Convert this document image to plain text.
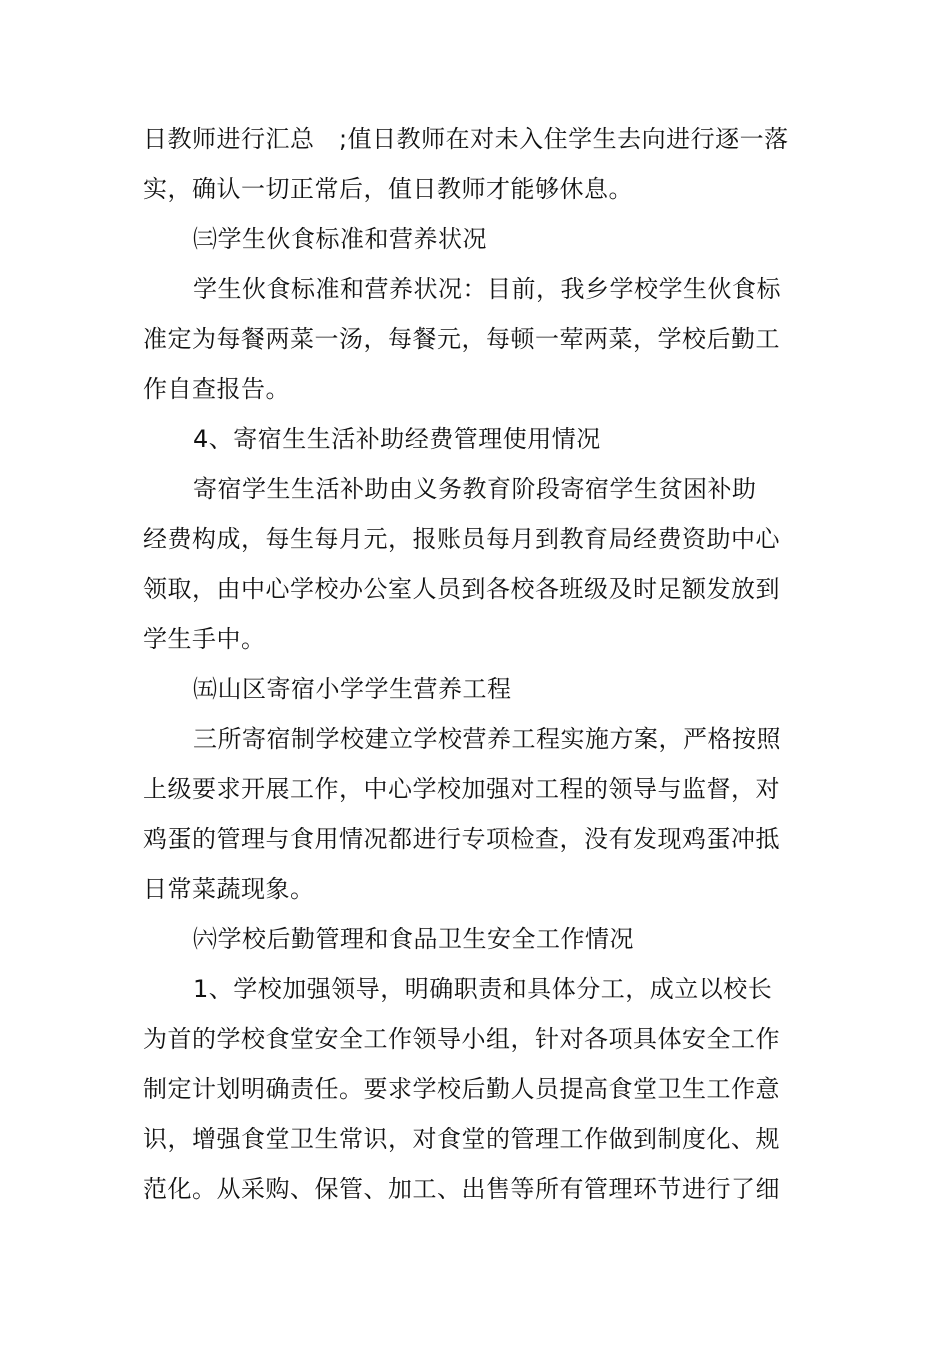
日教师进行汇总　;值日教师在对未入住学生去向进行逐一落
实，确认一切正常后，值日教师才能够休息。
㈢学生伙食标准和营养状况
学生伙食标准和营养状况：目前，我乡学校学生伙食标
准定为每餐两菜一汤，每餐元，每顿一荤两菜，学校后勤工
作自查报告。
4、寄宿生生活补助经费管理使用情况
寄宿学生生活补助由义务教育阶段寄宿学生贫困补助
经费构成，每生每月元，报账员每月到教育局经费资助中心
领取，由中心学校办公室人员到各校各班级及时足额发放到
学生手中。
㈤山区寄宿小学学生营养工程
三所寄宿制学校建立学校营养工程实施方案，严格按照
上级要求开展工作，中心学校加强对工程的领导与监督，对
鸡蛋的管理与食用情况都进行专项检查，没有发现鸡蛋冲抵
日常菜蔬现象。
㈥学校后勤管理和食品卫生安全工作情况
1、学校加强领导，明确职责和具体分工，成立以校长
为首的学校食堂安全工作领导小组，针对各项具体安全工作
制定计划明确责任。要求学校后勤人员提高食堂卫生工作意
识，增强食堂卫生常识，对食堂的管理工作做到制度化、规
范化。从采购、保管、加工、出售等所有管理环节进行了细
